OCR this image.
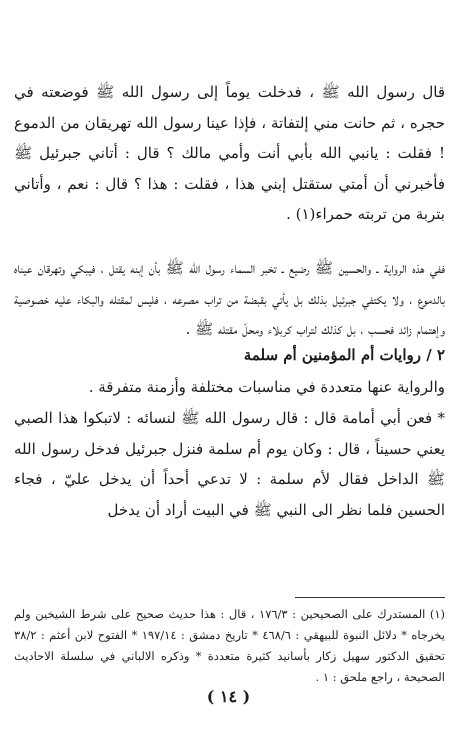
قال رسول الله ﷺ ، فدخلت يوماً إلى رسول الله ﷺ فوضعته في حجره ، ثم حانت مني إلتفاتة ، فإذا عينا رسول الله تهريقان من الدموع ! فقلت : يانبي الله بأبي أنت وأمي مالك ؟ قال : أتاني جبرئيل ﷺ فأخبرني أن أمتي ستقتل إبني هذا ، فقلت : هذا ؟ قال : نعم ، وأتاني بتربة من تربته حمراء(١) .

ففي هذه الرواية ـ والحسين ﷺ رضيع ـ تخبر السماء رسول الله ﷺ بأن إبنه يقتل ، فيبكي وتهرقان عيناه بالدموع ، ولا يكتفي جبرئيل بذلك بل يأتي بقبضة من تراب مصرعه ، فليس لمقتله والبكاء عليه خصوصية وإهتمام زائد فحسب ، بل كذلك لتراب كربلاء ومحلّ مقتله ﷺ .

٢ / روايات أم المؤمنين أم سلمة

والرواية عنها متعددة في مناسبات مختلفة وأزمنة متفرقة .

* فعن أبي أمامة قال : قال رسول الله ﷺ لنسائه : لاتبكوا هذا الصبي يعني حسيناً ، قال : وكان يوم أم سلمة فنزل جبرئيل فدخل رسول الله ﷺ الداخل فقال لأم سلمة : لا تدعي أحداً أن يدخل عليّ ، فجاء الحسين فلما نظر الى النبي ﷺ في البيت أراد أن يدخل

(١) المستدرك على الصحيحين : ١٧٦/٣ ، قال : هذا حديث صحيح على شرط الشيخين ولم يخرجاه * دلائل النبوة للبيهقي : ٤٦٨/٦ * تاريخ دمشق : ١٩٧/١٤ * الفتوح لابن أعثم : ٣٨/٢ تحقيق الدكتور سهيل زكار بأسانيد كثيرة متعددة * وذكره الالباني في سلسلة الاحاديث الصحيحة ، راجع ملحق : ١ .

( ١٤ )
